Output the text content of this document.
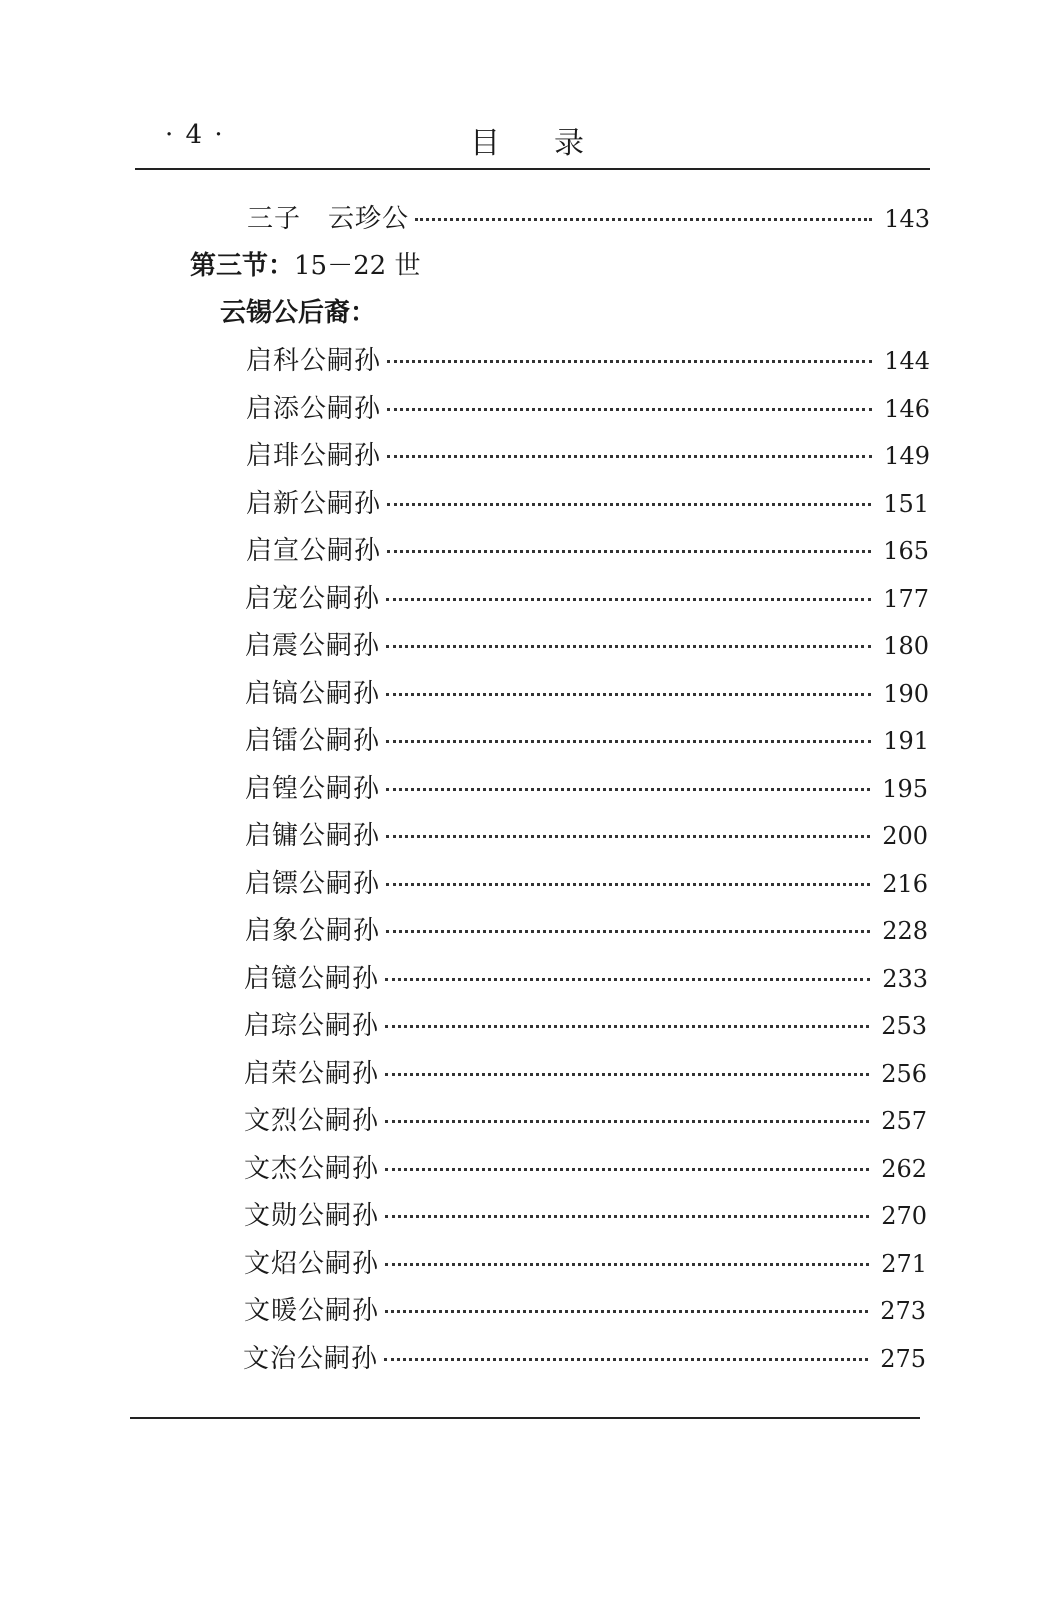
· 4 ·	目录
三子　云珍公	143
第三节：15－22 世
云锡公后裔：
启科公嗣孙	144
启添公嗣孙	146
启琲公嗣孙	149
启新公嗣孙	151
启宣公嗣孙	165
启宠公嗣孙	177
启震公嗣孙	180
启镐公嗣孙	190
启镭公嗣孙	191
启锽公嗣孙	195
启镛公嗣孙	200
启镖公嗣孙	216
启象公嗣孙	228
启镱公嗣孙	233
启琮公嗣孙	253
启荣公嗣孙	256
文烈公嗣孙	257
文杰公嗣孙	262
文勋公嗣孙	270
文炤公嗣孙	271
文暖公嗣孙	273
文治公嗣孙	275
